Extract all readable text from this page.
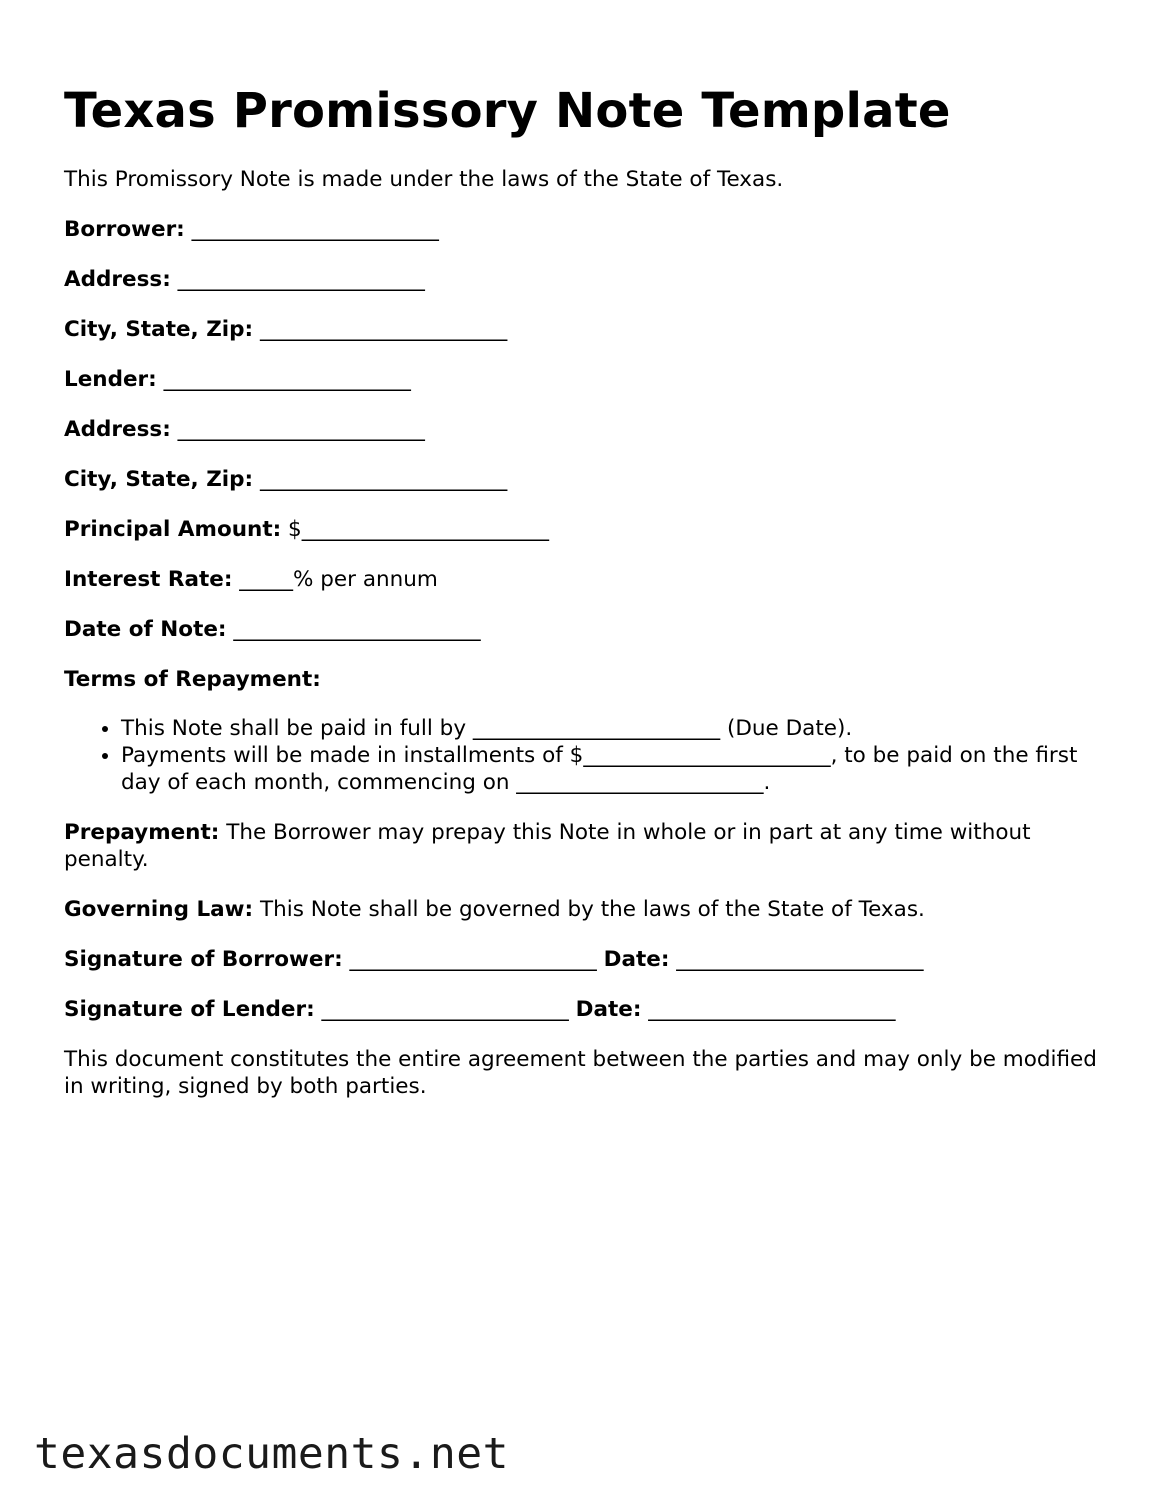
Texas Promissory Note Template

This Promissory Note is made under the laws of the State of Texas.

Borrower: _______________________
Address: _______________________
City, State, Zip: _______________________
Lender: _______________________
Address: _______________________
City, State, Zip: _______________________
Principal Amount: $_______________________
Interest Rate: _____% per annum
Date of Note: _______________________
Terms of Repayment:
• This Note shall be paid in full by _______________________ (Due Date).
• Payments will be made in installments of $_______________________, to be paid on the first day of each month, commencing on _______________________.

Prepayment: The Borrower may prepay this Note in whole or in part at any time without penalty.

Governing Law: This Note shall be governed by the laws of the State of Texas.

Signature of Borrower: _______________________ Date: _______________________
Signature of Lender: _______________________ Date: _______________________

This document constitutes the entire agreement between the parties and may only be modified in writing, signed by both parties.

texasdocuments.net
